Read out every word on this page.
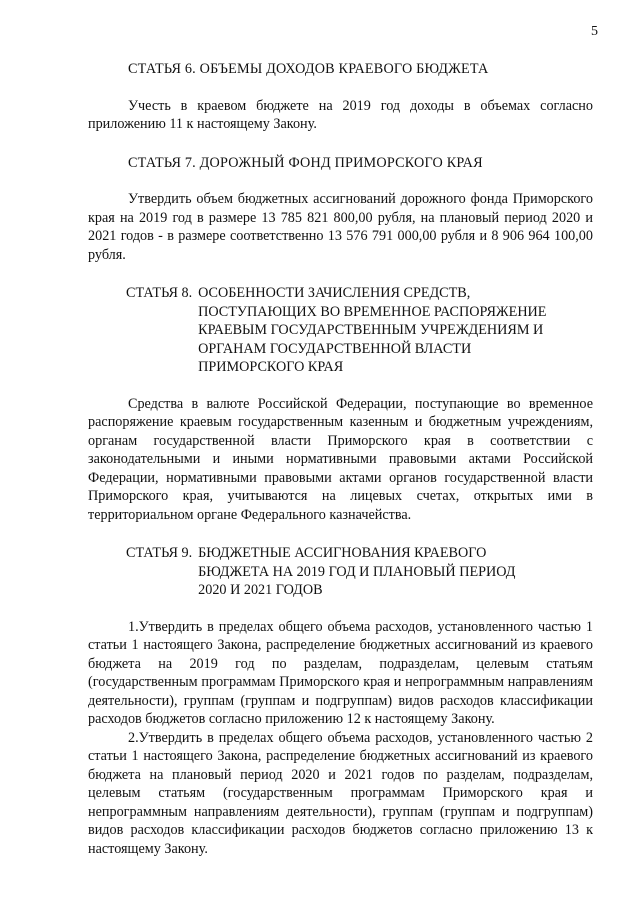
5
СТАТЬЯ 6. ОБЪЕМЫ ДОХОДОВ КРАЕВОГО БЮДЖЕТА

Учесть в краевом бюджете на 2019 год доходы в объемах согласно приложению 11 к настоящему Закону.

СТАТЬЯ 7. ДОРОЖНЫЙ ФОНД ПРИМОРСКОГО КРАЯ

Утвердить объем бюджетных ассигнований дорожного фонда Приморского края на 2019 год в размере 13 785 821 800,00 рубля, на плановый период 2020 и 2021 годов - в размере соответственно 13 576 791 000,00 рубля и 8 906 964 100,00 рубля.

СТАТЬЯ 8. ОСОБЕННОСТИ ЗАЧИСЛЕНИЯ СРЕДСТВ,
ПОСТУПАЮЩИХ ВО ВРЕМЕННОЕ РАСПОРЯЖЕНИЕ
КРАЕВЫМ ГОСУДАРСТВЕННЫМ УЧРЕЖДЕНИЯМ И
ОРГАНАМ ГОСУДАРСТВЕННОЙ ВЛАСТИ
ПРИМОРСКОГО КРАЯ

Средства в валюте Российской Федерации, поступающие во временное распоряжение краевым государственным казенным и бюджетным учреждениям, органам государственной власти Приморского края в соответствии с законодательными и иными нормативными правовыми актами Российской Федерации, нормативными правовыми актами органов государственной власти Приморского края, учитываются на лицевых счетах, открытых ими в территориальном органе Федерального казначейства.

СТАТЬЯ 9. БЮДЖЕТНЫЕ АССИГНОВАНИЯ КРАЕВОГО
БЮДЖЕТА НА 2019 ГОД И ПЛАНОВЫЙ ПЕРИОД
2020 И 2021 ГОДОВ

1.Утвердить в пределах общего объема расходов, установленного частью 1 статьи 1 настоящего Закона, распределение бюджетных ассигнований из краевого бюджета на 2019 год по разделам, подразделам, целевым статьям (государственным программам Приморского края и непрограммным направлениям деятельности), группам (группам и подгруппам) видов расходов классификации расходов бюджетов согласно приложению 12 к настоящему Закону.

2.Утвердить в пределах общего объема расходов, установленного частью 2 статьи 1 настоящего Закона, распределение бюджетных ассигнований из краевого бюджета на плановый период 2020 и 2021 годов по разделам, подразделам, целевым статьям (государственным программам Приморского края и непрограммным направлениям деятельности), группам (группам и подгруппам) видов расходов классификации расходов бюджетов согласно приложению 13 к настоящему Закону.
